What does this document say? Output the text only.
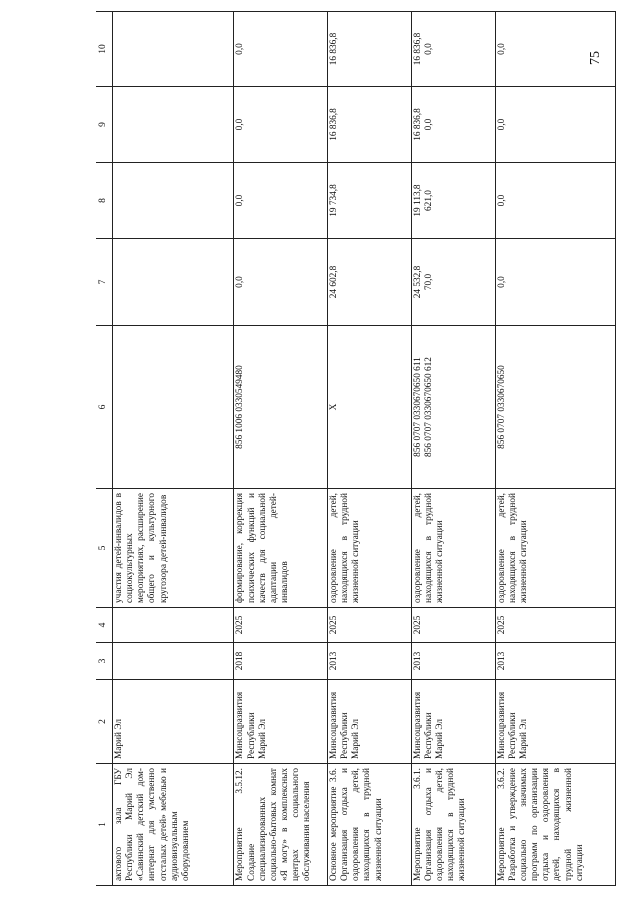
75
1	2	3	4	5	6	7	8	9	10
актового зала ГБУ Республики Марий Эл «Савинский детский дом-интернат для умственно отсталых детей» мебелью и аудиовизуальным оборудованием	Марий Эл			участия детей-инвалидов в социокультурных мероприятиях, расширение общего и культурного кругозора детей-инвалидов					
Мероприятие 3.5.12. Создание специализированных социально-бытовых комнат «Я могу» в комплексных центрах социального обслуживания населения	Минсоцразвития Республики Марий Эл	2018	2025	формирование, коррекция психических функций и качеств для социальной адаптации детей-инвалидов	856 1006 0330549480	0,0	0,0	0,0	0,0

Основное мероприятие 3.6. Организация отдыха и оздоровления детей, находящихся в трудной жизненной ситуации	Минсоцразвития Республики Марий Эл	2013	2025	оздоровление детей, находящихся в трудной жизненной ситуации	X	24 602,8	19 734,8	16 836,8	16 836,8

Мероприятие 3.6.1. Организация отдыха и оздоровления детей, находящихся в трудной жизненной ситуации	Минсоцразвития Республики Марий Эл	2013	2025	оздоровление детей, находящихся в трудной жизненной ситуации	856 0707 0330670650 611 856 0707 0330670650 612	24 532,8 70,0	19 113,8 621,0	16 836,8 0,0	16 836,8 0,0

Мероприятие 3.6.2. Разработка и утверждение социально значимых программ по организации отдыха и оздоровления детей, находящихся в трудной жизненной ситуации	Минсоцразвития Республики Марий Эл	2013	2025	оздоровление детей, находящихся в трудной жизненной ситуации	856 0707 0330670650	0,0	0,0	0,0	0,0
